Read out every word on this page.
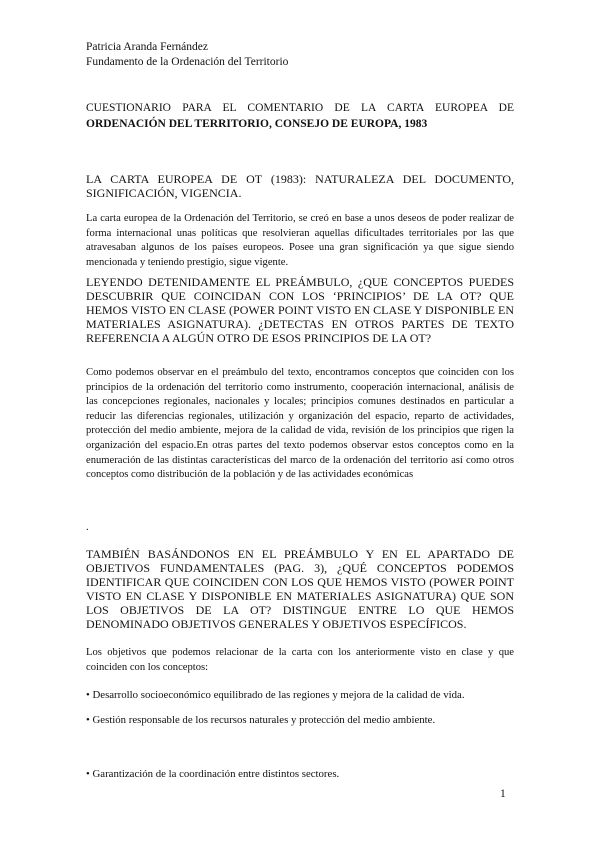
Patricia Aranda Fernández
Fundamento de la Ordenación del Territorio
CUESTIONARIO PARA EL COMENTARIO DE LA CARTA EUROPEA DE
ORDENACIÓN DEL TERRITORIO, CONSEJO DE EUROPA, 1983

LA CARTA EUROPEA DE OT (1983): NATURALEZA DEL DOCUMENTO, SIGNIFICACIÓN, VIGENCIA.

La carta europea de la Ordenación del Territorio, se creó en base a unos deseos de poder realizar de forma internacional unas políticas que resolvieran aquellas dificultades territoriales por las que atravesaban algunos de los países europeos. Posee una gran significación ya que sigue siendo mencionada y teniendo prestigio, sigue vigente.

LEYENDO DETENIDAMENTE EL PREÁMBULO, ¿QUE CONCEPTOS PUEDES DESCUBRIR QUE COINCIDAN CON LOS ‘PRINCIPIOS’ DE LA OT? QUE HEMOS VISTO EN CLASE (POWER POINT VISTO EN CLASE Y DISPONIBLE EN MATERIALES ASIGNATURA). ¿DETECTAS EN OTROS PARTES DE TEXTO REFERENCIA A ALGÚN OTRO DE ESOS PRINCIPIOS DE LA OT?

Como podemos observar en el preámbulo del texto, encontramos conceptos que coinciden con los principios de la ordenación del territorio como instrumento, cooperación internacional, análisis de las concepciones regionales, nacionales y locales; principios comunes destinados en particular a reducir las diferencias regionales, utilización y organización del espacio, reparto de actividades, protección del medio ambiente, mejora de la calidad de vida, revisión de los principios que rigen la organización del espacio.En otras partes del texto podemos observar estos conceptos como en la enumeración de las distintas características del marco de la ordenación del territorio así como otros conceptos como distribución de la población y de las actividades económicas

.

TAMBIÉN BASÁNDONOS EN EL PREÁMBULO Y EN EL APARTADO DE OBJETIVOS FUNDAMENTALES (PAG. 3), ¿QUÉ CONCEPTOS PODEMOS IDENTIFICAR QUE COINCIDEN CON LOS QUE HEMOS VISTO (POWER POINT VISTO EN CLASE Y DISPONIBLE EN MATERIALES ASIGNATURA) QUE SON LOS OBJETIVOS DE LA OT? DISTINGUE ENTRE LO QUE HEMOS DENOMINADO OBJETIVOS GENERALES Y OBJETIVOS ESPECÍFICOS.

Los objetivos que podemos relacionar de la carta con los anteriormente visto en clase y que coinciden con los conceptos:

• Desarrollo socioeconómico equilibrado de las regiones y mejora de la calidad de vida.

• Gestión responsable de los recursos naturales y protección del medio ambiente.

• Garantización de la coordinación entre distintos sectores.

1
